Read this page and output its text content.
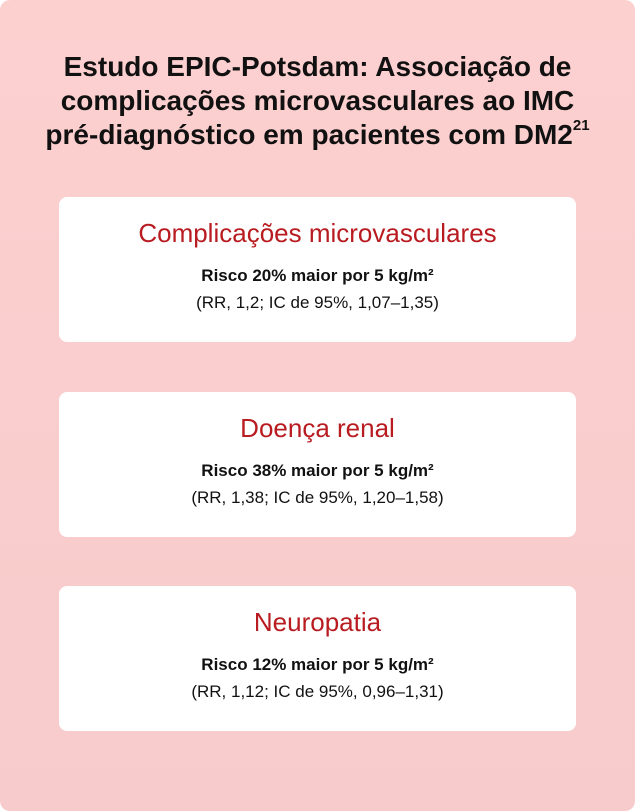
Estudo EPIC-Potsdam: Associação de
complicações microvasculares ao IMC
pré-diagnóstico em pacientes com $DM2^{21}$
Complicações microvasculares

Risco 20% maior por 5 kg/m²

(RR, 1,2; IC de 95%, 1,07–1,35)

Doença renal

Risco 38% maior por 5 kg/m²

(RR, 1,38; IC de 95%, 1,20–1,58)

Neuropatia

Risco 12% maior por 5 kg/m²

(RR, 1,12; IC de 95%, 0,96–1,31)
